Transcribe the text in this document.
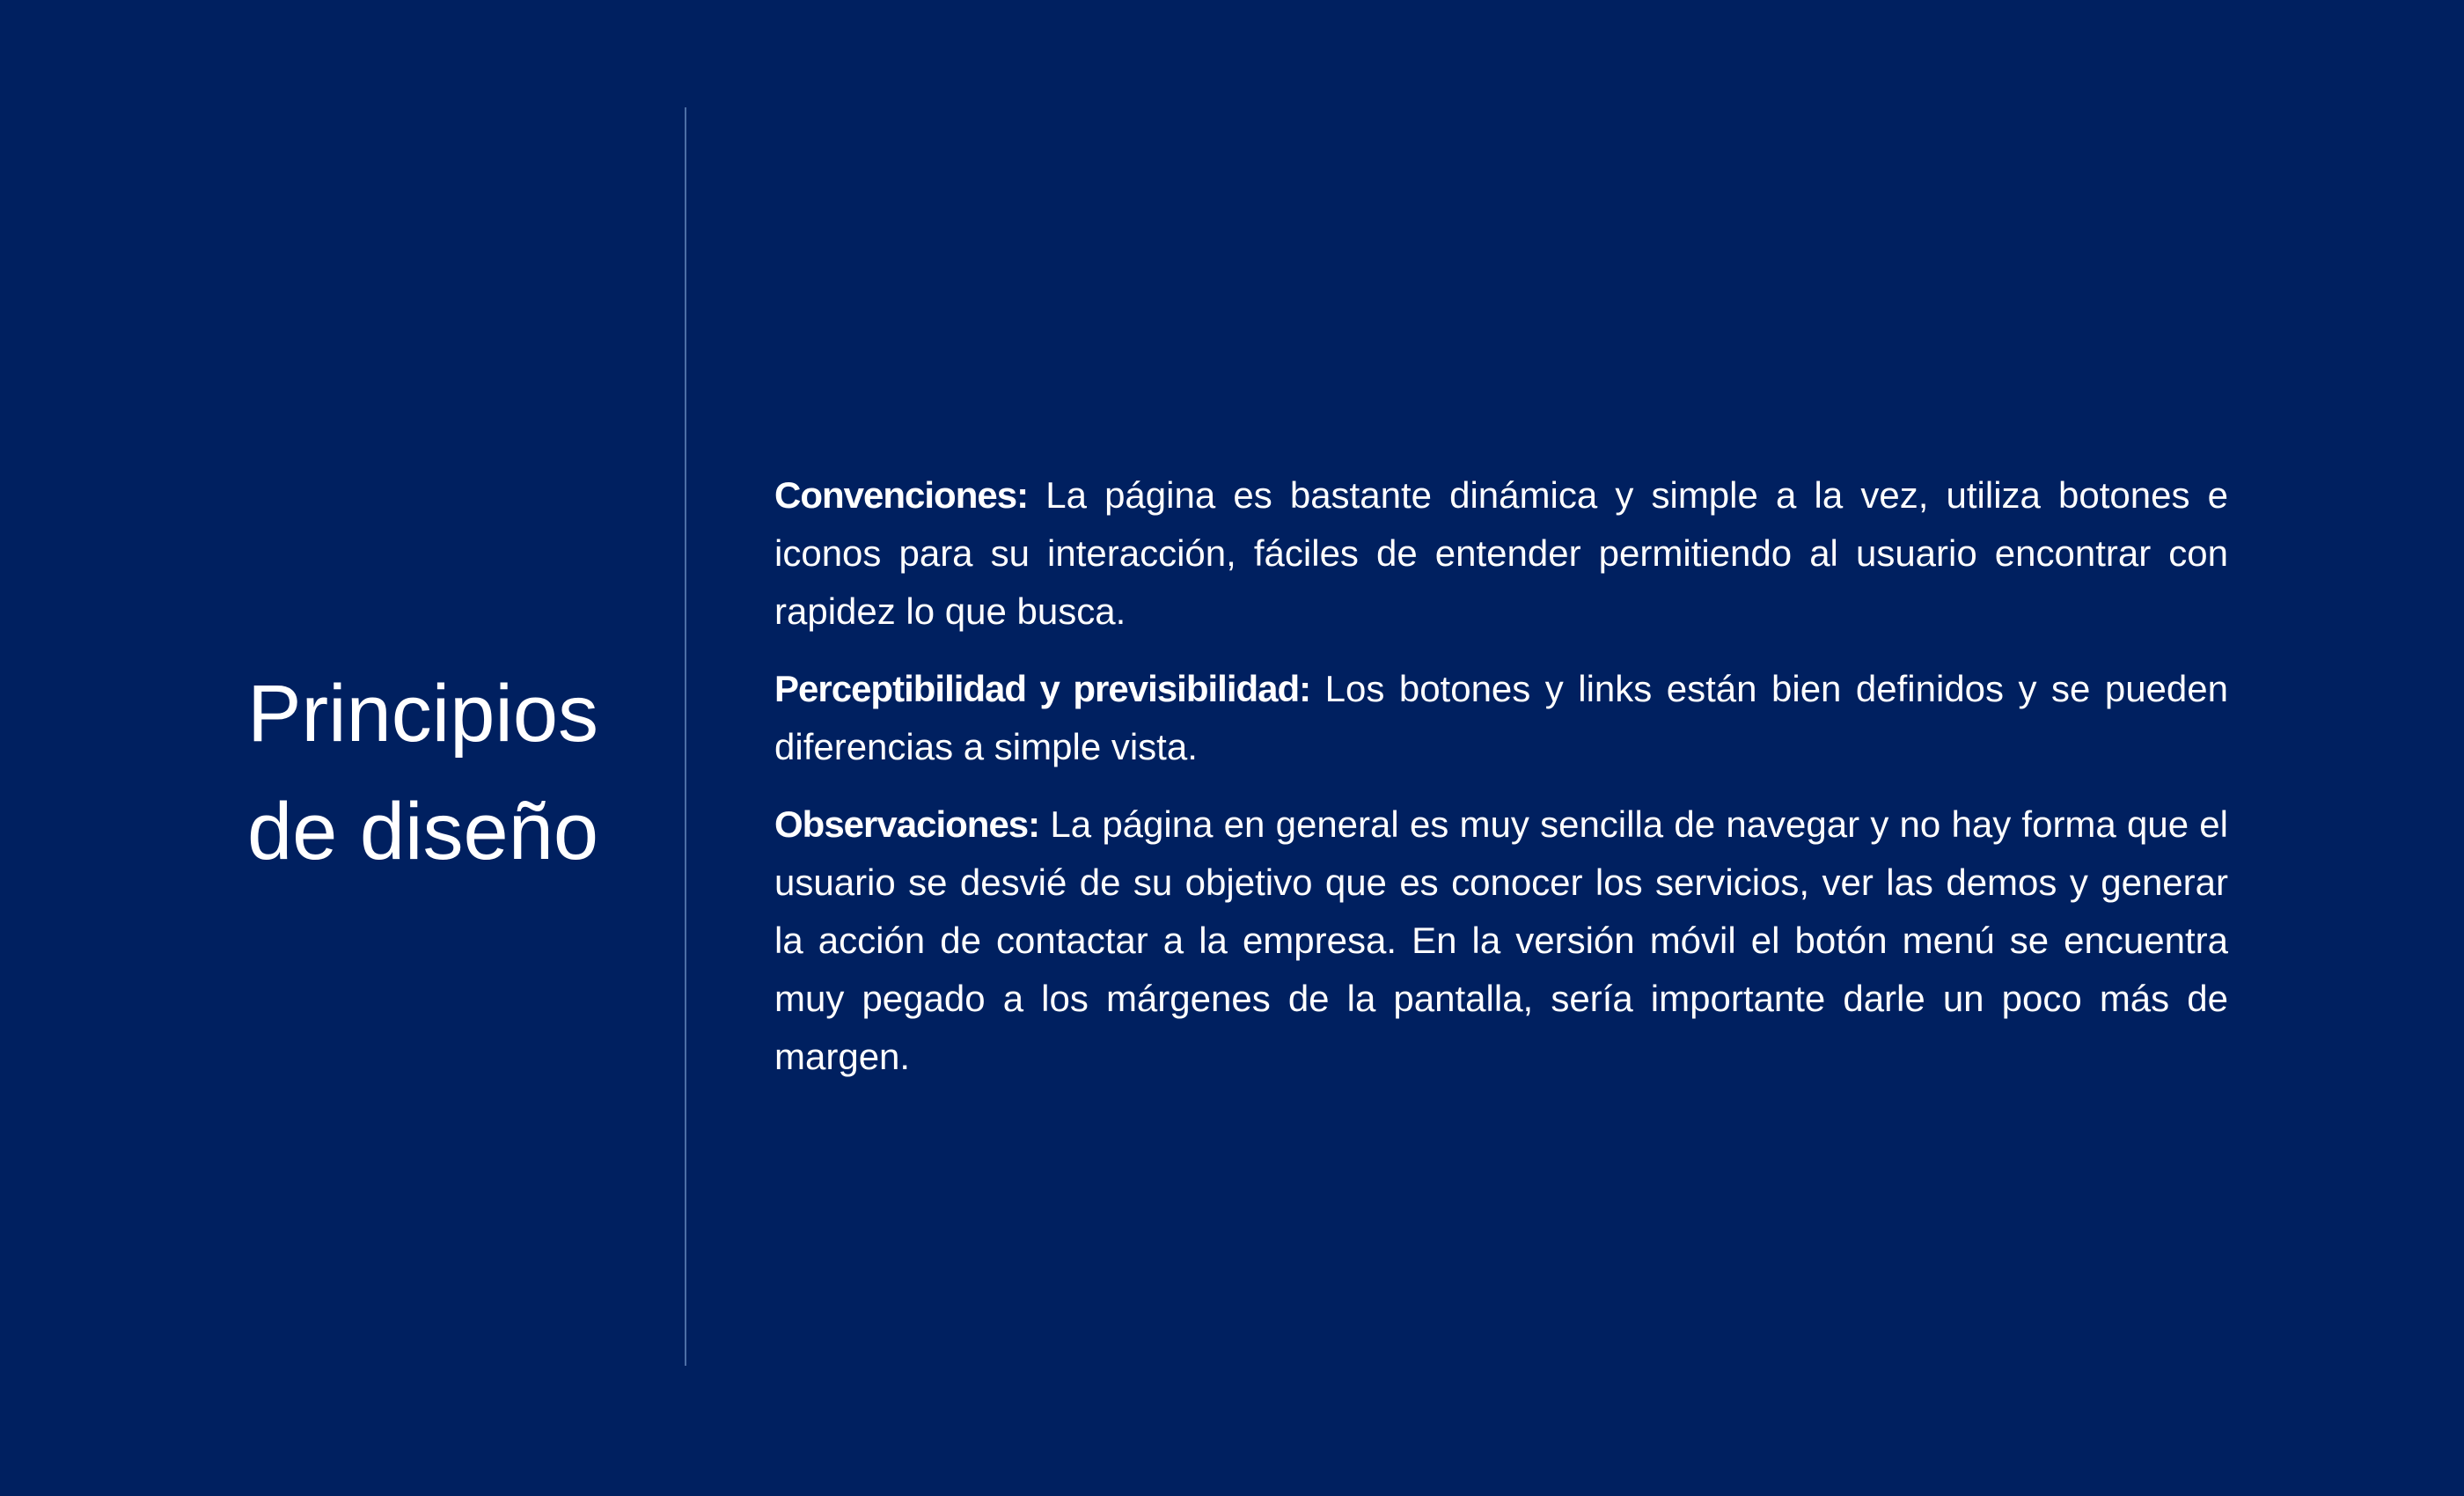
Principios
de diseño

Convenciones: La página es bastante dinámica y simple a la vez, utiliza botones e iconos para su interacción, fáciles de entender permitiendo al usuario encontrar con rapidez lo que busca.

Perceptibilidad y previsibilidad: Los botones y links están bien definidos y se pueden diferencias a simple vista.

Observaciones: La página en general es muy sencilla de navegar y no hay forma que el usuario se desvié de su objetivo que es conocer los servicios, ver las demos y generar la acción de contactar a la empresa. En la versión móvil el botón menú se encuentra muy pegado a los márgenes de la pantalla, sería importante darle un poco más de margen.
